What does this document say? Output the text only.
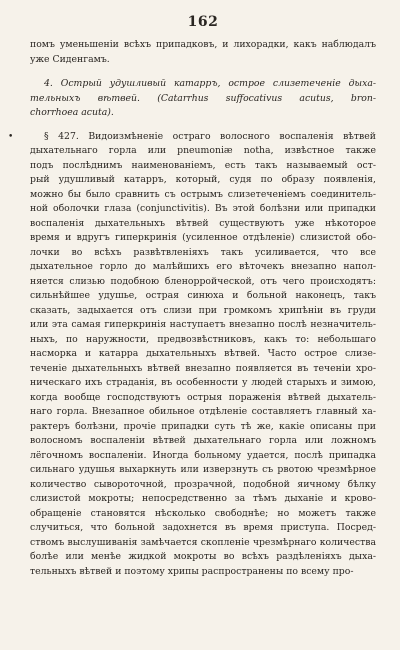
162
помъ уменьшеніи всѣхъ припадковъ, и лихорадки, какъ наблюдалъ
уже Сиденгамъ.
4. Острый удушливый катарръ, острое слизетеченіе дыха-
тельныхъ вѣтвей. (Catarrhus suffocativus acutus, bron-
chorrhoea acuta).
•	§ 427. Видоизмѣненіе остраго волосного воспаленія вѣтвей
дыхательнаго горла или pneumoniæ notha, извѣстное также
подъ послѣднимъ наименованіемъ, есть такъ называемый ост-
рый удушливый катарръ, который, судя по образу появленія,
можно бы было сравнить съ острымъ слизетеченіемъ соединитель-
ной оболочки глаза (conjunctivitis). Въ этой болѣзни или припадки
воспаленія дыхательныхъ вѣтвей существуютъ уже нѣкоторое
время и вдругъ гиперкринія (усиленное отдѣленіе) слизистой обо-
лочки во всѣхъ развѣтвленіяхъ такъ усиливается, что все
дыхательное горло до малѣйшихъ его вѣточекъ внезапно напол-
няется слизью подобною бленорройческой, отъ чего происходятъ:
сильнѣйшее удушье, острая синюха и больной наконецъ, такъ
сказать, задыхается отъ слизи при громкомъ хрипѣніи въ груди
или эта самая гиперкринія наступаетъ внезапно послѣ незначитель-
ныхъ, по наружности, предвозвѣстниковъ, какъ то: небольшаго
насморка и катарра дыхательныхъ вѣтвей. Часто острое слизе-
теченіе дыхательныхъ вѣтвей внезапно появляется въ теченіи хро-
ническаго ихъ страданія, въ особенности у людей старыхъ и зимою,
когда вообще господствуютъ острыя пораженія вѣтвей дыхатель-
наго горла. Внезапное обильное отдѣленіе составляетъ главный ха-
рактеръ болѣзни, прочіе припадки суть тѣ же, какіе описаны при
волосномъ воспаленіи вѣтвей дыхательнаго горла или ложномъ
лёгочномъ воспаленіи. Иногда больному удается, послѣ припадка
сильнаго удушья выхаркнуть или изверзнуть съ рвотою чрезмѣрное
количество сывороточной, прозрачной, подобной яичному бѣлку
слизистой мокроты; непосредственно за тѣмъ дыханіе и крово-
обращеніе становятся нѣсколько свободнѣе; но можетъ также
случиться, что больной задохнется въ время приступа. Посред-
ствомъ выслушиванія замѣчается скопленіе чрезмѣрнаго количества
болѣе или менѣе жидкой мокроты во всѣхъ раздѣленіяхъ дыха-
тельныхъ вѣтвей и поэтому хрипы распространены по всему про-
